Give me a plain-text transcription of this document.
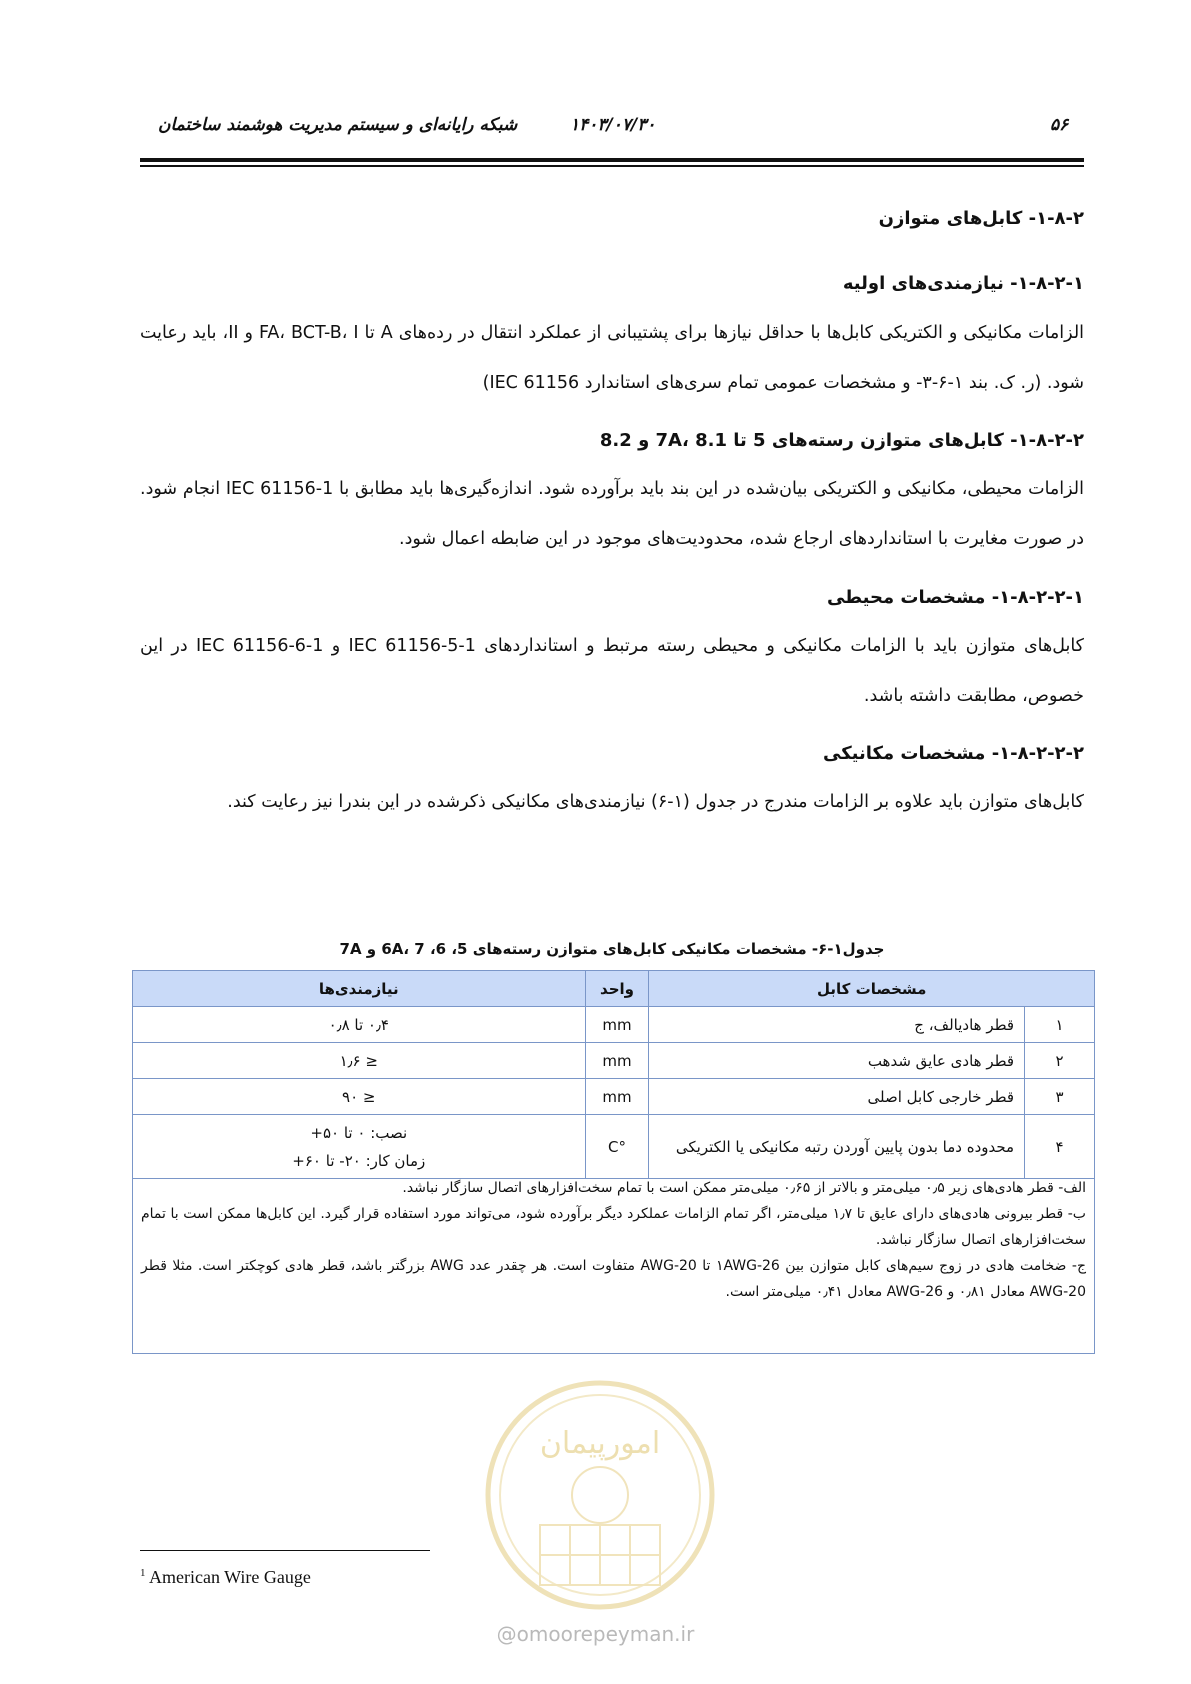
شبکه رایانه‌ای و سیستم مدیریت هوشمند ساختمان	۱۴۰۳/۰۷/۳۰	۵۶
۱-۸-۲- کابل‌های متوازن
۱-۸-۲-۱- نیازمندی‌های اولیه

الزامات مکانیکی و الکتریکی کابل‌ها با حداقل نیازها برای پشتیبانی از عملکرد انتقال در رده‌های A تا FA، BCT-B، I و II، باید رعایت شود. (ر. ک. بند ۱-۶-۳- و مشخصات عمومی تمام سری‌های استاندارد IEC 61156)

۱-۸-۲-۲- کابل‌های متوازن رسته‌های 5 تا 7A، 8.1 و 8.2

الزامات محیطی، مکانیکی و الکتریکی بیان‌شده در این بند باید برآورده شود. اندازه‌گیری‌ها باید مطابق با IEC 61156-1 انجام شود. در صورت مغایرت با استانداردهای ارجاع شده، محدودیت‌های موجود در این ضابطه اعمال شود.

۱-۸-۲-۲-۱- مشخصات محیطی

کابل‌های متوازن باید با الزامات مکانیکی و محیطی رسته مرتبط و استانداردهای IEC 61156-5-1 و IEC 61156-6-1 در این خصوص، مطابقت داشته باشد.

۱-۸-۲-۲-۲- مشخصات مکانیکی

کابل‌های متوازن باید علاوه بر الزامات مندرج در جدول (۱-۶) نیازمندی‌های مکانیکی ذکرشده در این بندرا نیز رعایت کند.

جدول۱-۶- مشخصات مکانیکی کابل‌های متوازن رسته‌های 5، 6، 6A، 7 و 7A
مشخصات کابل		واحد	نیازمندی‌ها
۱	قطر هادیالف، ج	mm	۰٫۴ تا ۰٫۸
۲	قطر هادی عایق شدهب	mm	≤ ۱٫۶
۳	قطر خارجی کابل اصلی	mm	≤ ۹۰
۴	محدوده دما بدون پایین آوردن رتبه مکانیکی یا الکتریکی	°C	نصب: ۰ تا ۵۰+
زمان کار: ۲۰- تا ۶۰+

الف- قطر هادی‌های زیر ۰٫۵ میلی‌متر و بالاتر از ۰٫۶۵ میلی‌متر ممکن است با تمام سخت‌افزارهای اتصال سازگار نباشد.

ب- قطر بیرونی هادی‌های دارای عایق تا ۱٫۷ میلی‌متر، اگر تمام الزامات عملکرد دیگر برآورده شود، می‌تواند مورد استفاده قرار گیرد. این کابل‌ها ممکن است با تمام سخت‌افزارهای اتصال سازگار نباشد.

ج- ضخامت هادی در زوج سیم‌های کابل متوازن بین ۱AWG-26 تا AWG-20 متفاوت است. هر چقدر عدد AWG بزرگتر باشد، قطر هادی کوچکتر است. مثلا قطر AWG-20 معادل ۰٫۸۱ و AWG-26 معادل ۰٫۴۱ میلی‌متر است.

امورپیمان
@omoorepeyman.ir
$^1$ American Wire Gauge
